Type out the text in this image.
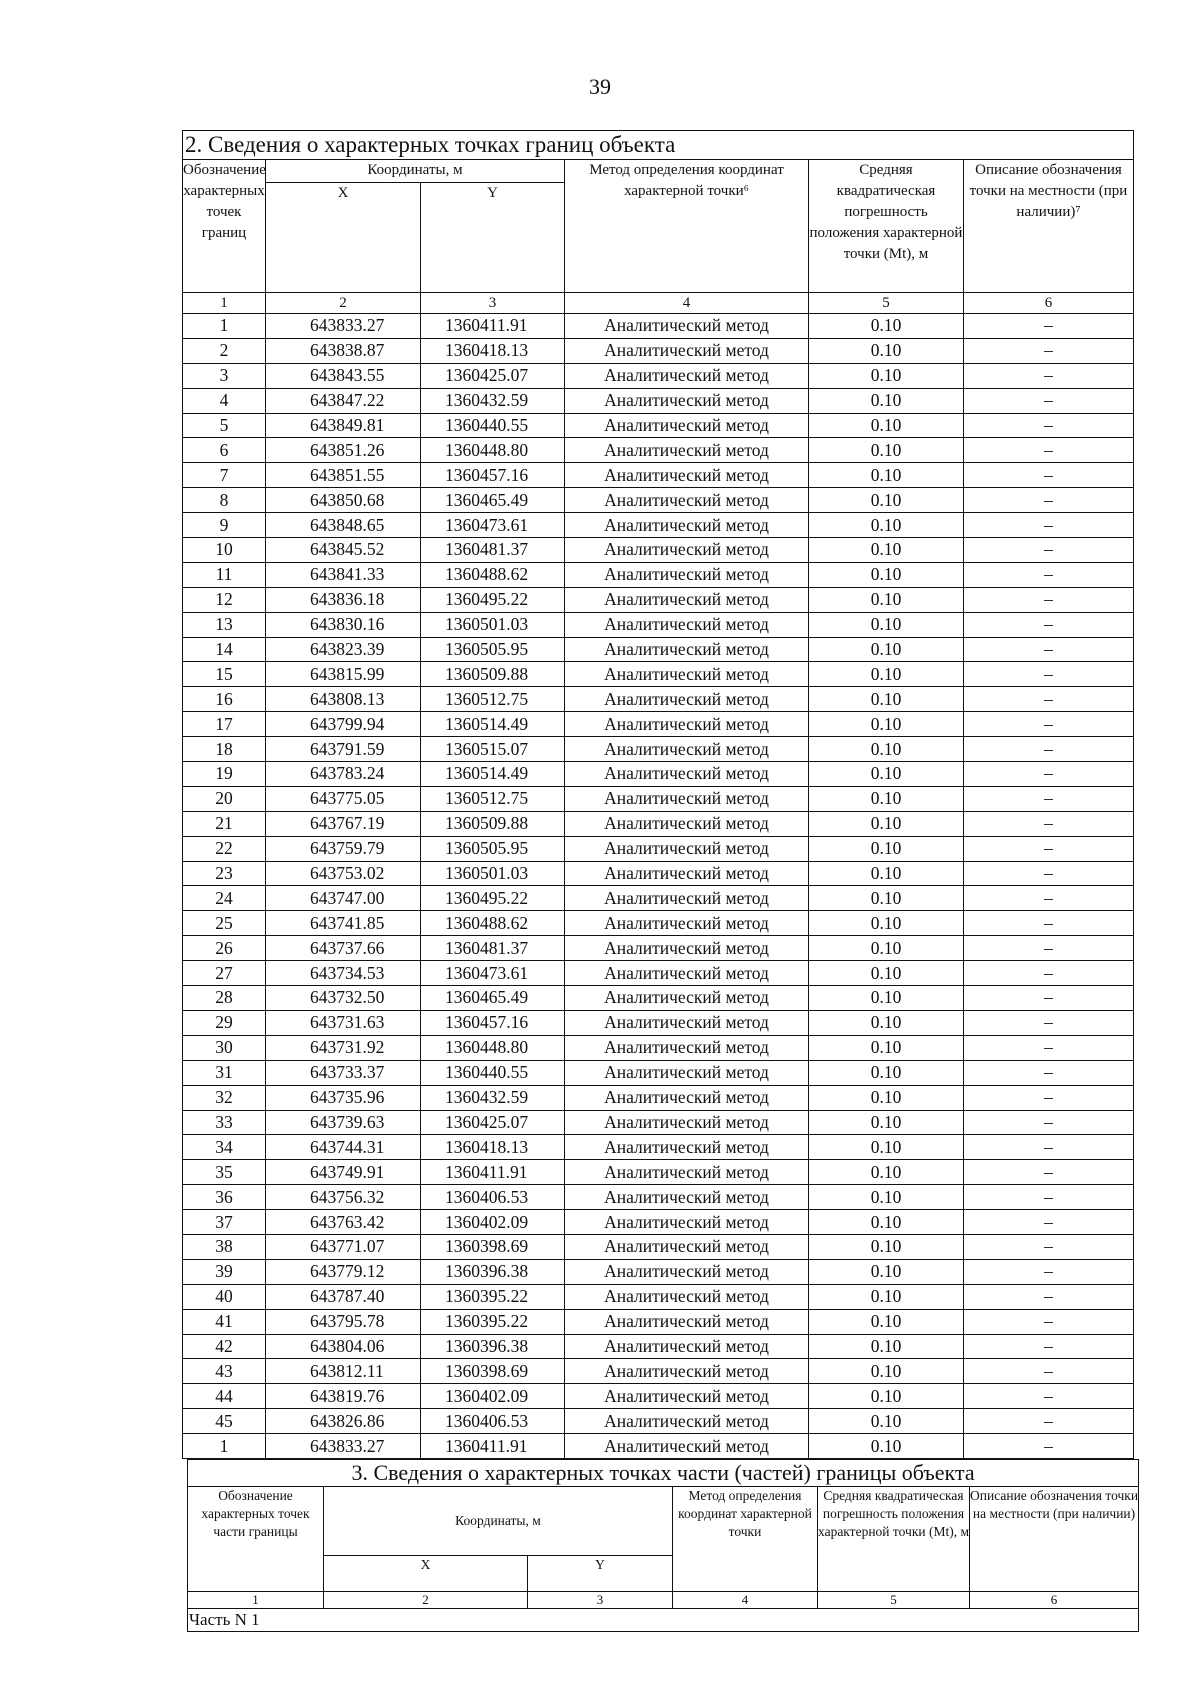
39
2. Сведения о характерных точках границ объекта					
Обозначение характерных точек границ	Координаты, м		Метод определения координат характерной точки⁶	Средняя квадратическая погрешность положения характерной точки (Mt), м	Описание обозначения точки на местности (при наличии)⁷
	X	Y			
1	2	3	4	5	6
1	643833.27	1360411.91	Аналитический метод	0.10	–
2	643838.87	1360418.13	Аналитический метод	0.10	–
3	643843.55	1360425.07	Аналитический метод	0.10	–
4	643847.22	1360432.59	Аналитический метод	0.10	–
5	643849.81	1360440.55	Аналитический метод	0.10	–
6	643851.26	1360448.80	Аналитический метод	0.10	–
7	643851.55	1360457.16	Аналитический метод	0.10	–
8	643850.68	1360465.49	Аналитический метод	0.10	–
9	643848.65	1360473.61	Аналитический метод	0.10	–
10	643845.52	1360481.37	Аналитический метод	0.10	–
11	643841.33	1360488.62	Аналитический метод	0.10	–
12	643836.18	1360495.22	Аналитический метод	0.10	–
13	643830.16	1360501.03	Аналитический метод	0.10	–
14	643823.39	1360505.95	Аналитический метод	0.10	–
15	643815.99	1360509.88	Аналитический метод	0.10	–
16	643808.13	1360512.75	Аналитический метод	0.10	–
17	643799.94	1360514.49	Аналитический метод	0.10	–
18	643791.59	1360515.07	Аналитический метод	0.10	–
19	643783.24	1360514.49	Аналитический метод	0.10	–
20	643775.05	1360512.75	Аналитический метод	0.10	–
21	643767.19	1360509.88	Аналитический метод	0.10	–
22	643759.79	1360505.95	Аналитический метод	0.10	–
23	643753.02	1360501.03	Аналитический метод	0.10	–
24	643747.00	1360495.22	Аналитический метод	0.10	–
25	643741.85	1360488.62	Аналитический метод	0.10	–
26	643737.66	1360481.37	Аналитический метод	0.10	–
27	643734.53	1360473.61	Аналитический метод	0.10	–
28	643732.50	1360465.49	Аналитический метод	0.10	–
29	643731.63	1360457.16	Аналитический метод	0.10	–
30	643731.92	1360448.80	Аналитический метод	0.10	–
31	643733.37	1360440.55	Аналитический метод	0.10	–
32	643735.96	1360432.59	Аналитический метод	0.10	–
33	643739.63	1360425.07	Аналитический метод	0.10	–
34	643744.31	1360418.13	Аналитический метод	0.10	–
35	643749.91	1360411.91	Аналитический метод	0.10	–
36	643756.32	1360406.53	Аналитический метод	0.10	–
37	643763.42	1360402.09	Аналитический метод	0.10	–
38	643771.07	1360398.69	Аналитический метод	0.10	–
39	643779.12	1360396.38	Аналитический метод	0.10	–
40	643787.40	1360395.22	Аналитический метод	0.10	–
41	643795.78	1360395.22	Аналитический метод	0.10	–
42	643804.06	1360396.38	Аналитический метод	0.10	–
43	643812.11	1360398.69	Аналитический метод	0.10	–
44	643819.76	1360402.09	Аналитический метод	0.10	–
45	643826.86	1360406.53	Аналитический метод	0.10	–
1	643833.27	1360411.91	Аналитический метод	0.10	–
3. Сведения о характерных точках части (частей) границы объекта					
Обозначение характерных точек части границы	Координаты, м		Метод определения координат характерной точки	Средняя квадратическая погрешность положения характерной точки (Mt), м	Описание обозначения точки на местности (при наличии)
	X	Y			
1	2	3	4	5	6
Часть N 1					
